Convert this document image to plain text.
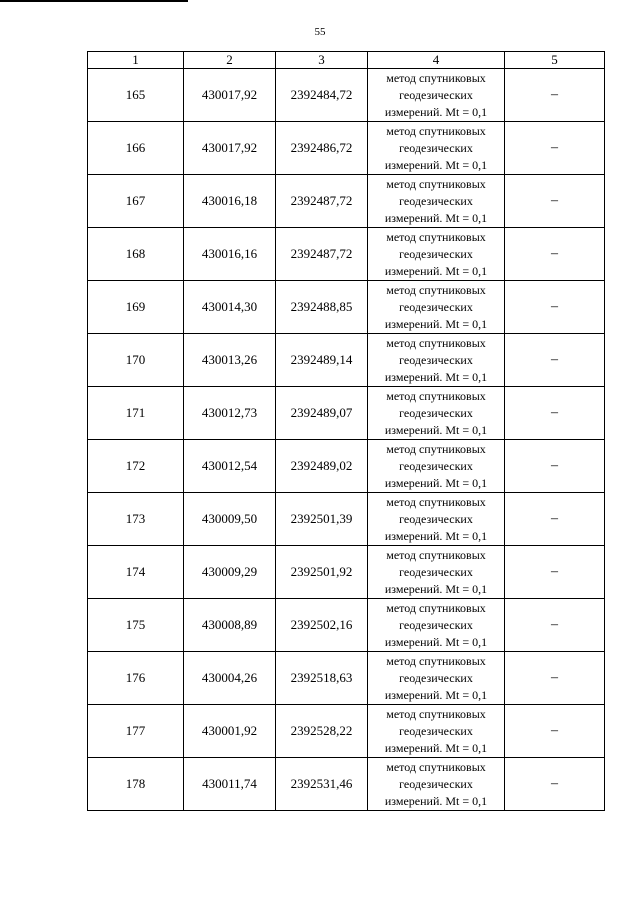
55
1	2	3	4	5
165	430017,92	2392484,72	метод спутниковых
геодезических
измерений. Mt = 0,1	–
166	430017,92	2392486,72	метод спутниковых
геодезических
измерений. Mt = 0,1	–
167	430016,18	2392487,72	метод спутниковых
геодезических
измерений. Mt = 0,1	–
168	430016,16	2392487,72	метод спутниковых
геодезических
измерений. Mt = 0,1	–
169	430014,30	2392488,85	метод спутниковых
геодезических
измерений. Mt = 0,1	–
170	430013,26	2392489,14	метод спутниковых
геодезических
измерений. Mt = 0,1	–
171	430012,73	2392489,07	метод спутниковых
геодезических
измерений. Mt = 0,1	–
172	430012,54	2392489,02	метод спутниковых
геодезических
измерений. Mt = 0,1	–
173	430009,50	2392501,39	метод спутниковых
геодезических
измерений. Mt = 0,1	–
174	430009,29	2392501,92	метод спутниковых
геодезических
измерений. Mt = 0,1	–
175	430008,89	2392502,16	метод спутниковых
геодезических
измерений. Mt = 0,1	–
176	430004,26	2392518,63	метод спутниковых
геодезических
измерений. Mt = 0,1	–
177	430001,92	2392528,22	метод спутниковых
геодезических
измерений. Mt = 0,1	–
178	430011,74	2392531,46	метод спутниковых
геодезических
измерений. Mt = 0,1	–
